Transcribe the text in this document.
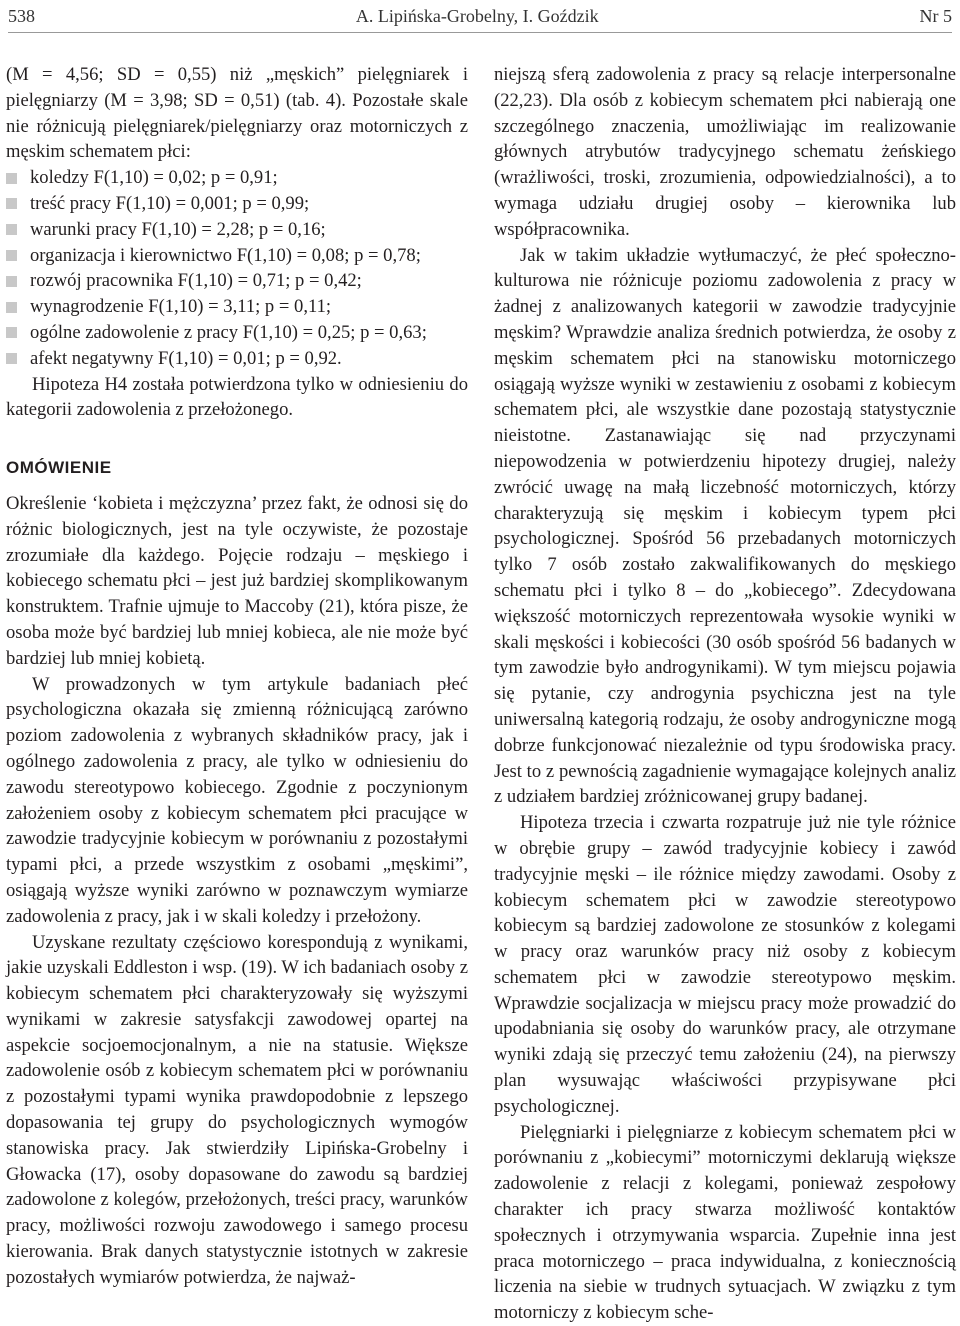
538	A. Lipińska-Grobelny, I. Goździk	Nr 5

(M = 4,56; SD = 0,55) niż „męskich” pielęgniarek i pielęgniarzy (M = 3,98; SD = 0,51) (tab. 4). Pozostałe skale nie różnicują pielęgniarek/pielęgniarzy oraz motorniczych z męskim schematem płci:

koledzy F(1,10) = 0,02; p = 0,91;
treść pracy F(1,10) = 0,001; p = 0,99;
warunki pracy F(1,10) = 2,28; p = 0,16;
organizacja i kierownictwo F(1,10) = 0,08; p = 0,78;
rozwój pracownika F(1,10) = 0,71; p = 0,42;
wynagrodzenie F(1,10) = 3,11; p = 0,11;
ogólne zadowolenie z pracy F(1,10) = 0,25; p = 0,63;
afekt negatywny F(1,10) = 0,01; p = 0,92.

Hipoteza H4 została potwierdzona tylko w odniesieniu do kategorii zadowolenia z przełożonego.

OMÓWIENIE

Określenie ‘kobieta i mężczyzna’ przez fakt, że odnosi się do różnic biologicznych, jest na tyle oczywiste, że pozostaje zrozumiałe dla każdego. Pojęcie rodzaju – męskiego i kobiecego schematu płci – jest już bardziej skomplikowanym konstruktem. Trafnie ujmuje to Maccoby (21), która pisze, że osoba może być bardziej lub mniej kobieca, ale nie może być bardziej lub mniej kobietą.

W prowadzonych w tym artykule badaniach płeć psychologiczna okazała się zmienną różnicującą zarówno poziom zadowolenia z wybranych składników pracy, jak i ogólnego zadowolenia z pracy, ale tylko w odniesieniu do zawodu stereotypowo kobiecego. Zgodnie z poczynionym założeniem osoby z kobiecym schematem płci pracujące w zawodzie tradycyjnie kobiecym w porównaniu z pozostałymi typami płci, a przede wszystkim z osobami „męskimi”, osiągają wyższe wyniki zarówno w poznawczym wymiarze zadowolenia z pracy, jak i w skali koledzy i przełożony.

Uzyskane rezultaty częściowo korespondują z wynikami, jakie uzyskali Eddleston i wsp. (19). W ich badaniach osoby z kobiecym schematem płci charakteryzowały się wyższymi wynikami w zakresie satysfakcji zawodowej opartej na aspekcie socjoemocjonalnym, a nie na statusie. Większe zadowolenie osób z kobiecym schematem płci w porównaniu z pozostałymi typami wynika prawdopodobnie z lepszego dopasowania tej grupy do psychologicznych wymogów stanowiska pracy. Jak stwierdziły Lipińska-Grobelny i Głowacka (17), osoby dopasowane do zawodu są bardziej zadowolone z kolegów, przełożonych, treści pracy, warunków pracy, możliwości rozwoju zawodowego i samego procesu kierowania. Brak danych statystycznie istotnych w zakresie pozostałych wymiarów potwierdza, że najważ-

niejszą sferą zadowolenia z pracy są relacje interpersonalne (22,23). Dla osób z kobiecym schematem płci nabierają one szczególnego znaczenia, umożliwiając im realizowanie głównych atrybutów tradycyjnego schematu żeńskiego (wrażliwości, troski, zrozumienia, odpowiedzialności), a to wymaga udziału drugiej osoby – kierownika lub współpracownika.

Jak w takim układzie wytłumaczyć, że płeć społeczno-kulturowa nie różnicuje poziomu zadowolenia z pracy w żadnej z analizowanych kategorii w zawodzie tradycyjnie męskim? Wprawdzie analiza średnich potwierdza, że osoby z męskim schematem płci na stanowisku motorniczego osiągają wyższe wyniki w zestawieniu z osobami z kobiecym schematem płci, ale wszystkie dane pozostają statystycznie nieistotne. Zastanawiając się nad przyczynami niepowodzenia w potwierdzeniu hipotezy drugiej, należy zwrócić uwagę na małą liczebność motorniczych, którzy charakteryzują się męskim i kobiecym typem płci psychologicznej. Spośród 56 przebadanych motorniczych tylko 7 osób zostało zakwalifikowanych do męskiego schematu płci i tylko 8 – do „kobiecego”. Zdecydowana większość motorniczych reprezentowała wysokie wyniki w skali męskości i kobiecości (30 osób spośród 56 badanych w tym zawodzie było androgynikami). W tym miejscu pojawia się pytanie, czy androgynia psychiczna jest na tyle uniwersalną kategorią rodzaju, że osoby androgyniczne mogą dobrze funkcjonować niezależnie od typu środowiska pracy. Jest to z pewnością zagadnienie wymagające kolejnych analiz z udziałem bardziej zróżnicowanej grupy badanej.

Hipoteza trzecia i czwarta rozpatruje już nie tyle różnice w obrębie grupy – zawód tradycyjnie kobiecy i zawód tradycyjnie męski – ile różnice między zawodami. Osoby z kobiecym schematem płci w zawodzie stereotypowo kobiecym są bardziej zadowolone ze stosunków z kolegami w pracy oraz warunków pracy niż osoby z kobiecym schematem płci w zawodzie stereotypowo męskim. Wprawdzie socjalizacja w miejscu pracy może prowadzić do upodabniania się osoby do warunków pracy, ale otrzymane wyniki zdają się przeczyć temu założeniu (24), na pierwszy plan wysuwając właściwości przypisywane płci psychologicznej.

Pielęgniarki i pielęgniarze z kobiecym schematem płci w porównaniu z „kobiecymi” motorniczymi deklarują większe zadowolenie z relacji z kolegami, ponieważ zespołowy charakter ich pracy stwarza możliwość kontaktów społecznych i otrzymywania wsparcia. Zupełnie inna jest praca motorniczego – praca indywidualna, z koniecznością liczenia na siebie w trudnych sytuacjach. W związku z tym motorniczy z kobiecym sche-
